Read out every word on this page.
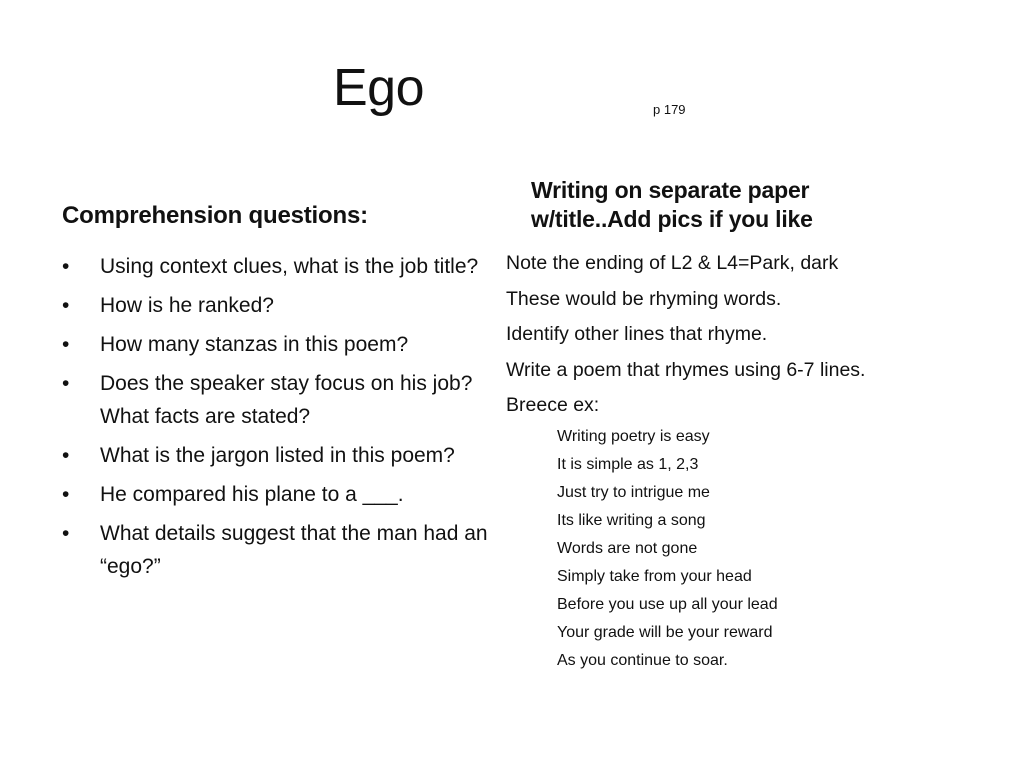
Ego	p 179
Comprehension questions:
• Using context clues, what is the job title?
• How is he ranked?
• How many stanzas in this poem?
• Does the speaker stay focus on his job? What facts are stated?
• What is the jargon listed in this poem?
• He compared his plane to a ___.
• What details suggest that the man had an “ego?”
Writing on separate paper w/title..Add pics if you like
Note the ending of L2 & L4=Park, dark
These would be rhyming words.
Identify other lines that rhyme.
Write a poem that rhymes using 6-7 lines.
Breece ex:
Writing poetry is easy
It is simple as 1, 2,3
Just try to intrigue me
Its like writing a song
Words are not gone
Simply take from your head
Before you use up all your lead
Your grade will be your reward
As you continue to soar.
